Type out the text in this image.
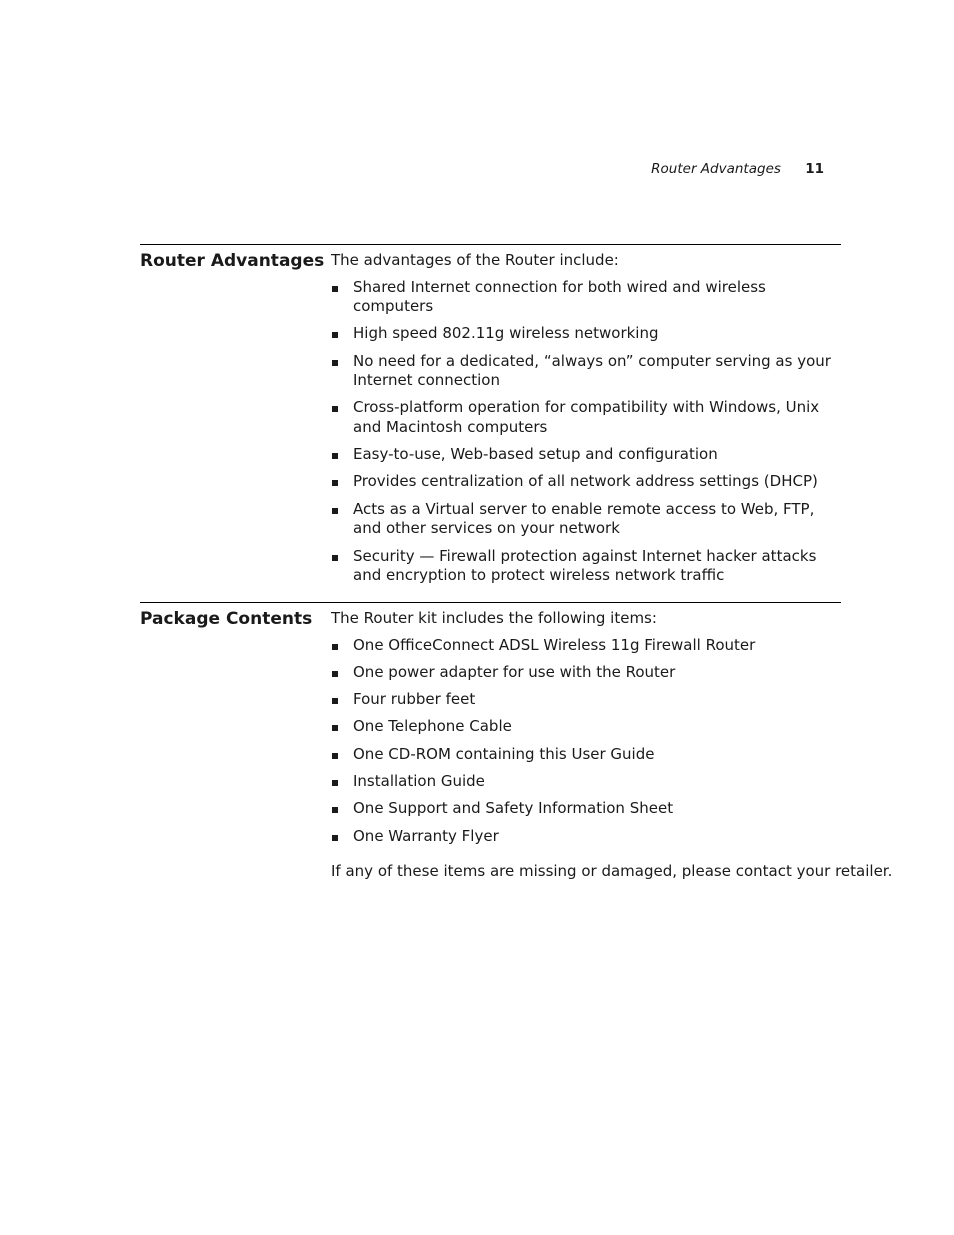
Router Advantages 11
Router Advantages The advantages of the Router include:

Shared Internet connection for both wired and wireless computers
High speed 802.11g wireless networking
No need for a dedicated, “always on” computer serving as your Internet connection
Cross-platform operation for compatibility with Windows, Unix and Macintosh computers
Easy-to-use, Web-based setup and configuration
Provides centralization of all network address settings (DHCP)
Acts as a Virtual server to enable remote access to Web, FTP, and other services on your network
Security — Firewall protection against Internet hacker attacks and encryption to protect wireless network traffic
Package Contents The Router kit includes the following items:

One OfficeConnect ADSL Wireless 11g Firewall Router
One power adapter for use with the Router
Four rubber feet
One Telephone Cable
One CD-ROM containing this User Guide
Installation Guide
One Support and Safety Information Sheet
One Warranty Flyer

If any of these items are missing or damaged, please contact your retailer.
